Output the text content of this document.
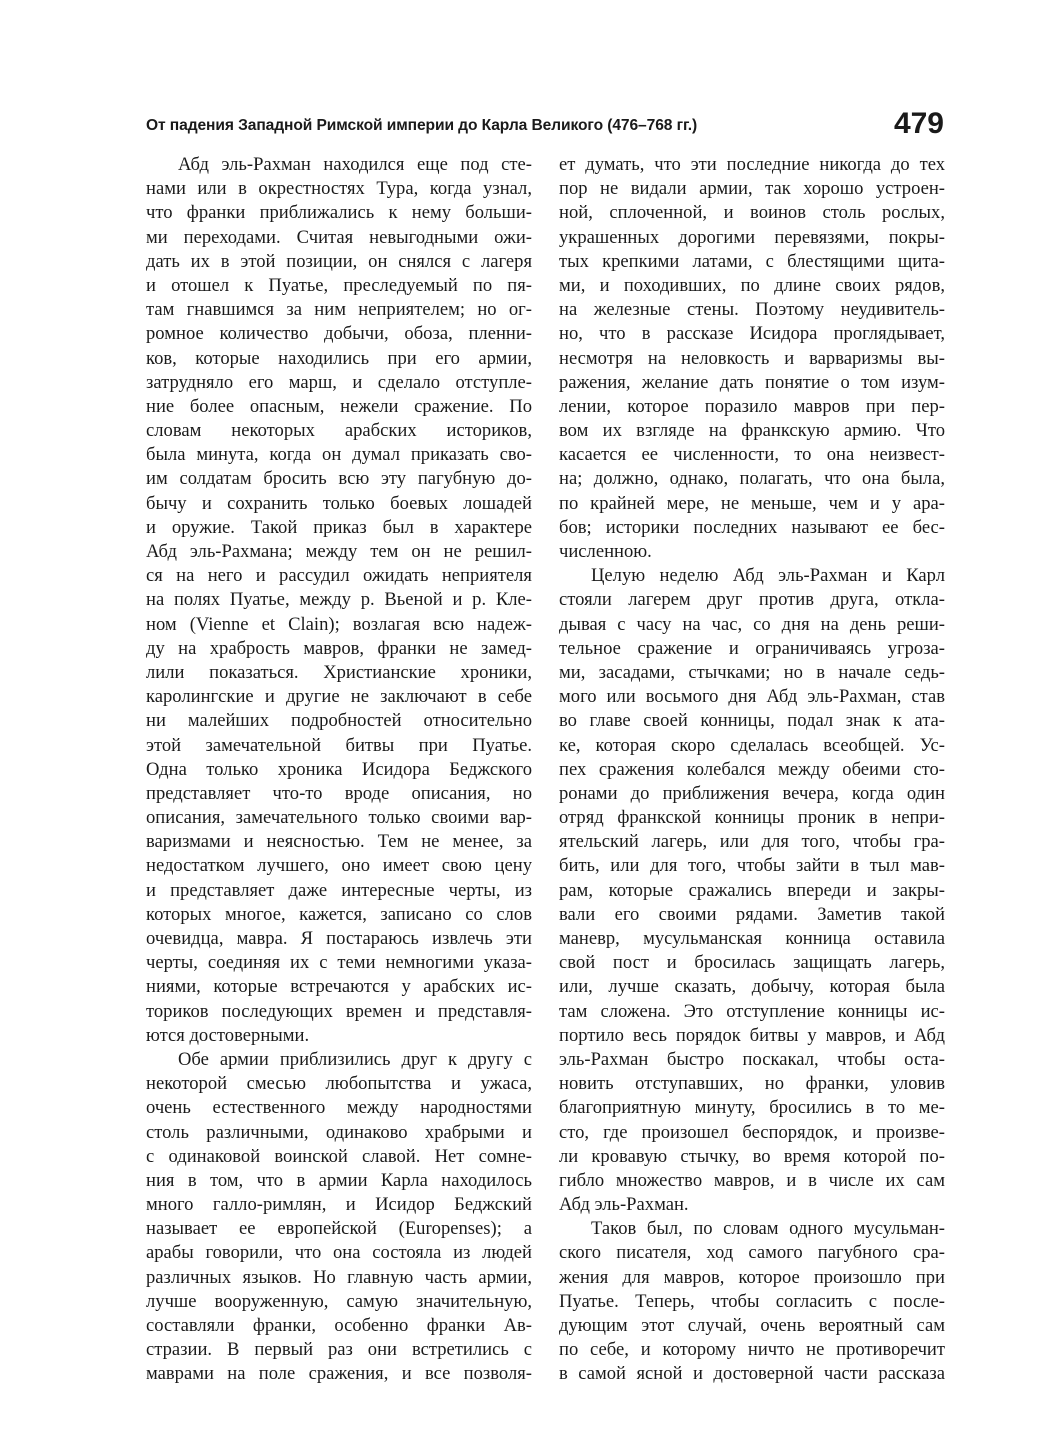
От падения Западной Римской империи до Карла Великого (476–768 гг.)	479
Абд эль-Рахман находился еще под сте-
нами или в окрестностях Тура, когда узнал,
что франки приближались к нему больши-
ми переходами. Считая невыгодными ожи-
дать их в этой позиции, он снялся с лагеря
и отошел к Пуатье, преследуемый по пя-
там гнавшимся за ним неприятелем; но ог-
ромное количество добычи, обоза, пленни-
ков, которые находились при его армии,
затрудняло его марш, и сделало отступле-
ние более опасным, нежели сражение. По
словам некоторых арабских историков,
была минута, когда он думал приказать сво-
им солдатам бросить всю эту пагубную до-
бычу и сохранить только боевых лошадей
и оружие. Такой приказ был в характере
Абд эль-Рахмана; между тем он не решил-
ся на него и рассудил ожидать неприятеля
на полях Пуатье, между р. Вьеной и р. Кле-
ном (Vienne et Clain); возлагая всю надеж-
ду на храбрость мавров, франки не замед-
лили показаться. Христианские хроники,
каролингские и другие не заключают в себе
ни малейших подробностей относительно
этой замечательной битвы при Пуатье.
Одна только хроника Исидора Беджского
представляет что-то вроде описания, но
описания, замечательного только своими вар-
варизмами и неясностью. Тем не менее, за
недостатком лучшего, оно имеет свою цену
и представляет даже интересные черты, из
которых многое, кажется, записано со слов
очевидца, мавра. Я постараюсь извлечь эти
черты, соединяя их с теми немногими указа-
ниями, которые встречаются у арабских ис-
ториков последующих времен и представля-
ются достоверными.
Обе армии приблизились друг к другу с
некоторой смесью любопытства и ужаса,
очень естественного между народностями
столь различными, одинаково храбрыми и
с одинаковой воинской славой. Нет сомне-
ния в том, что в армии Карла находилось
много галло-римлян, и Исидор Беджский
называет ее европейской (Europenses); а
арабы говорили, что она состояла из людей
различных языков. Но главную часть армии,
лучше вооруженную, самую значительную,
составляли франки, особенно франки Ав-
стразии. В первый раз они встретились с
маврами на поле сражения, и все позволя-
ет думать, что эти последние никогда до тех
пор не видали армии, так хорошо устроен-
ной, сплоченной, и воинов столь рослых,
украшенных дорогими перевязями, покры-
тых крепкими латами, с блестящими щита-
ми, и походивших, по длине своих рядов,
на железные стены. Поэтому неудивитель-
но, что в рассказе Исидора проглядывает,
несмотря на неловкость и варваризмы вы-
ражения, желание дать понятие о том изум-
лении, которое поразило мавров при пер-
вом их взгляде на франкскую армию. Что
касается ее численности, то она неизвест-
на; должно, однако, полагать, что она была,
по крайней мере, не меньше, чем и у ара-
бов; историки последних называют ее бес-
численною.
Целую неделю Абд эль-Рахман и Карл
стояли лагерем друг против друга, откла-
дывая с часу на час, со дня на день реши-
тельное сражение и ограничиваясь угроза-
ми, засадами, стычками; но в начале седь-
мого или восьмого дня Абд эль-Рахман, став
во главе своей конницы, подал знак к ата-
ке, которая скоро сделалась всеобщей. Ус-
пех сражения колебался между обеими сто-
ронами до приближения вечера, когда один
отряд франкской конницы проник в непри-
ятельский лагерь, или для того, чтобы гра-
бить, или для того, чтобы зайти в тыл мав-
рам, которые сражались впереди и закры-
вали его своими рядами. Заметив такой
маневр, мусульманская конница оставила
свой пост и бросилась защищать лагерь,
или, лучше сказать, добычу, которая была
там сложена. Это отступление конницы ис-
портило весь порядок битвы у мавров, и Абд
эль-Рахман быстро поскакал, чтобы оста-
новить отступавших, но франки, уловив
благоприятную минуту, бросились в то ме-
сто, где произошел беспорядок, и произве-
ли кровавую стычку, во время которой по-
гибло множество мавров, и в числе их сам
Абд эль-Рахман.
Таков был, по словам одного мусульман-
ского писателя, ход самого пагубного сра-
жения для мавров, которое произошло при
Пуатье. Теперь, чтобы согласить с после-
дующим этот случай, очень вероятный сам
по себе, и которому ничто не противоречит
в самой ясной и достоверной части рассказа
